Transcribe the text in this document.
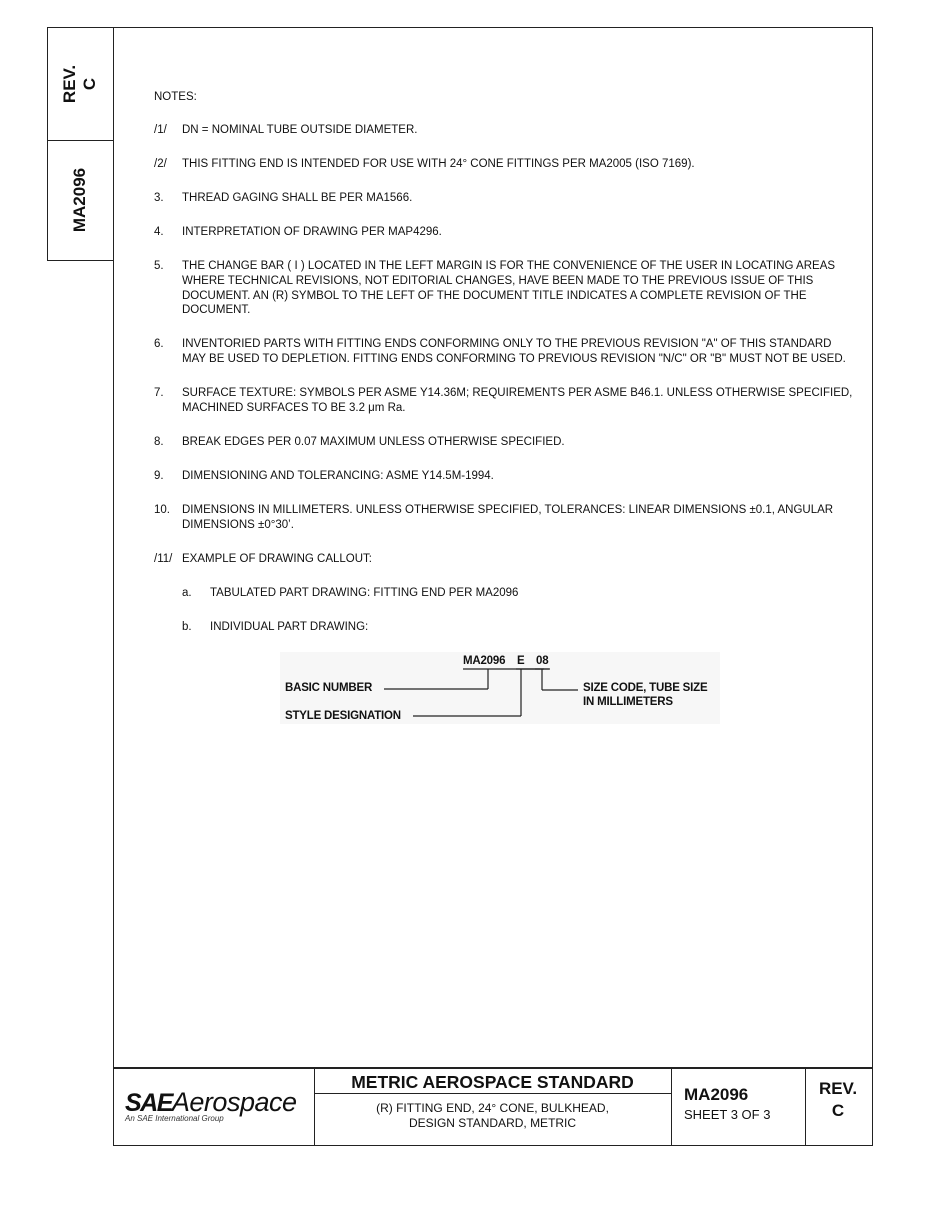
REV. C
MA2096
NOTES:
/1/ DN = NOMINAL TUBE OUTSIDE DIAMETER.
/2/ THIS FITTING END IS INTENDED FOR USE WITH 24° CONE FITTINGS PER MA2005 (ISO 7169).
3. THREAD GAGING SHALL BE PER MA1566.
4. INTERPRETATION OF DRAWING PER MAP4296.
5. THE CHANGE BAR ( I ) LOCATED IN THE LEFT MARGIN IS FOR THE CONVENIENCE OF THE USER IN LOCATING AREAS WHERE TECHNICAL REVISIONS, NOT EDITORIAL CHANGES, HAVE BEEN MADE TO THE PREVIOUS ISSUE OF THIS DOCUMENT. AN (R) SYMBOL TO THE LEFT OF THE DOCUMENT TITLE INDICATES A COMPLETE REVISION OF THE DOCUMENT.
6. INVENTORIED PARTS WITH FITTING ENDS CONFORMING ONLY TO THE PREVIOUS REVISION "A" OF THIS STANDARD MAY BE USED TO DEPLETION. FITTING ENDS CONFORMING TO PREVIOUS REVISION "N/C" OR "B" MUST NOT BE USED.
7. SURFACE TEXTURE: SYMBOLS PER ASME Y14.36M; REQUIREMENTS PER ASME B46.1. UNLESS OTHERWISE SPECIFIED, MACHINED SURFACES TO BE 3.2 μm Ra.
8. BREAK EDGES PER 0.07 MAXIMUM UNLESS OTHERWISE SPECIFIED.
9. DIMENSIONING AND TOLERANCING: ASME Y14.5M-1994.
10. DIMENSIONS IN MILLIMETERS. UNLESS OTHERWISE SPECIFIED, TOLERANCES: LINEAR DIMENSIONS ±0.1, ANGULAR DIMENSIONS ±0°30’.
/11/ EXAMPLE OF DRAWING CALLOUT:
a. TABULATED PART DRAWING: FITTING END PER MA2096
b. INDIVIDUAL PART DRAWING:
MA2096 E 08
BASIC NUMBER
STYLE DESIGNATION
SIZE CODE, TUBE SIZE
IN MILLIMETERS
SAEAerospace
An SAE International Group
METRIC AEROSPACE STANDARD
(R) FITTING END, 24° CONE, BULKHEAD,
DESIGN STANDARD, METRIC
MA2096
SHEET 3 OF 3
REV.
C
